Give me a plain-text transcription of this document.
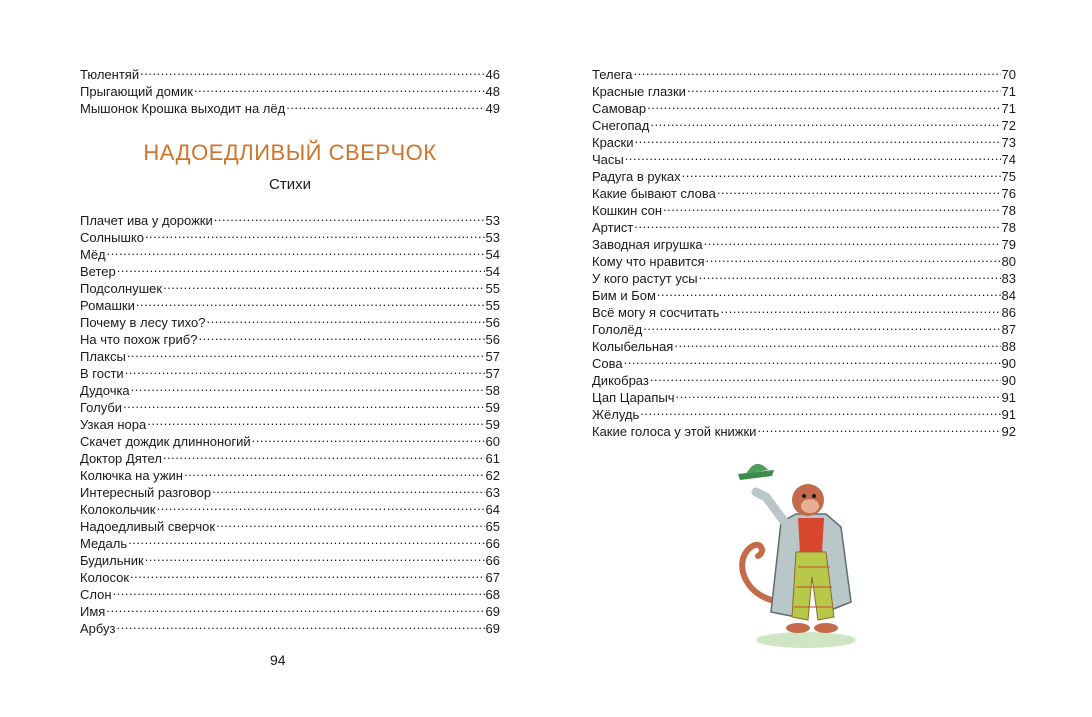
Тюлентяй .....	46
Прыгающий домик .....	48
Мышонок Крошка выходит на лёд .....	49
НАДОЕДЛИВЫЙ СВЕРЧОК
Стихи
Плачет ива у дорожки .....	53
Солнышко .....	53
Мёд .....	54
Ветер .....	54
Подсолнушек .....	55
Ромашки .....	55
Почему в лесу тихо? .....	56
На что похож гриб? .....	56
Плаксы .....	57
В гости .....	57
Дудочка .....	58
Голуби .....	59
Узкая нора .....	59
Скачет дождик длинноногий .....	60
Доктор Дятел .....	61
Колючка на ужин .....	62
Интересный разговор .....	63
Колокольчик .....	64
Надоедливый сверчок .....	65
Медаль .....	66
Будильник .....	66
Колосок .....	67
Слон .....	68
Имя .....	69
Арбуз .....	69
94
Телега .....	70
Красные глазки .....	71
Самовар .....	71
Снегопад .....	72
Краски .....	73
Часы .....	74
Радуга в руках .....	75
Какие бывают слова .....	76
Кошкин сон .....	78
Артист .....	78
Заводная игрушка .....	79
Кому что нравится .....	80
У кого растут усы .....	83
Бим и Бом .....	84
Всё могу я сосчитать .....	86
Гололёд .....	87
Колыбельная .....	88
Сова .....	90
Дикобраз .....	90
Цап Царапыч .....	91
Жёлудь .....	91
Какие голоса у этой книжки .....	92
